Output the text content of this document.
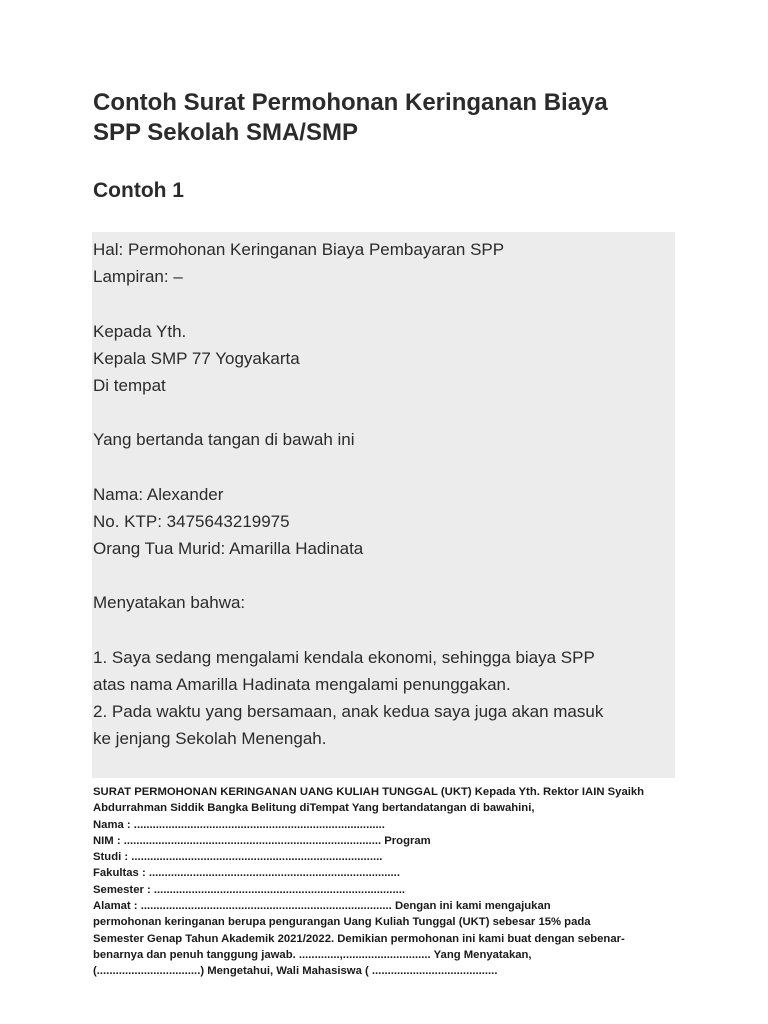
Contoh Surat Permohonan Keringanan Biaya
SPP Sekolah SMA/SMP
Contoh 1
Hal: Permohonan Keringanan Biaya Pembayaran SPP
Lampiran: –
Kepada Yth.
Kepala SMP 77 Yogyakarta
Di tempat
Yang bertanda tangan di bawah ini
Nama: Alexander
No. KTP: 3475643219975
Orang Tua Murid: Amarilla Hadinata
Menyatakan bahwa:
1. Saya sedang mengalami kendala ekonomi, sehingga biaya SPP
atas nama Amarilla Hadinata mengalami penunggakan.
2. Pada waktu yang bersamaan, anak kedua saya juga akan masuk
ke jenjang Sekolah Menengah.
SURAT PERMOHONAN KERINGANAN UANG KULIAH TUNGGAL (UKT) Kepada Yth. Rektor IAIN Syaikh
Abdurrahman Siddik Bangka Belitung diTempat Yang bertandatangan di bawahini,
Nama : ................................................................................
NIM : .................................................................................. Program
Studi : ................................................................................
Fakultas : ................................................................................
Semester : ................................................................................
Alamat : ................................................................................ Dengan ini kami mengajukan
permohonan keringanan berupa pengurangan Uang Kuliah Tunggal (UKT) sebesar 15% pada
Semester Genap Tahun Akademik 2021/2022. Demikian permohonan ini kami buat dengan sebenar-
benarnya dan penuh tanggung jawab. .............,............................ Yang Menyatakan,
(.................................) Mengetahui, Wali Mahasiswa ( ........................................
